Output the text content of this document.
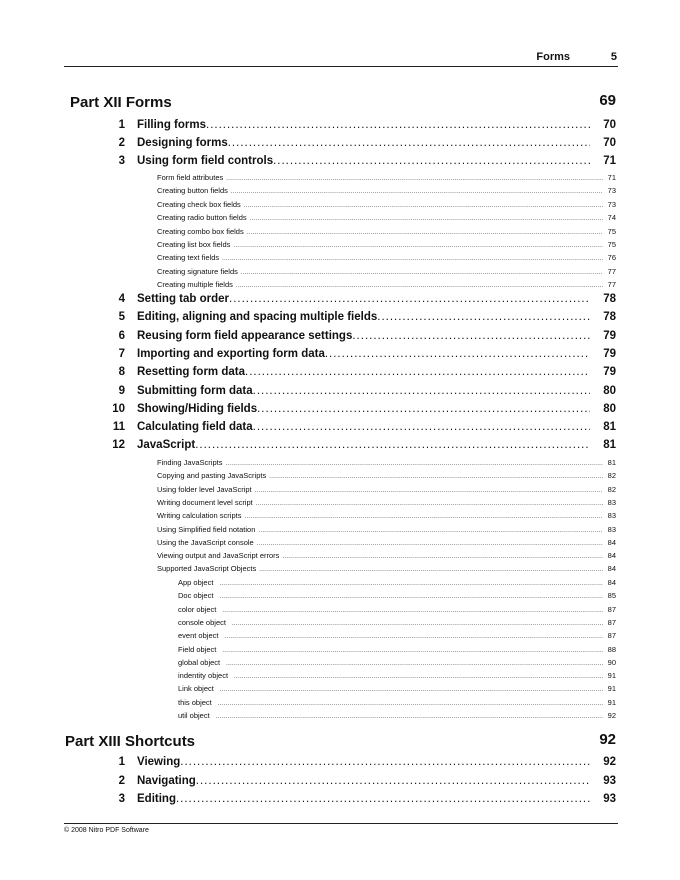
Forms	5
Part XII Forms	69
1 Filling forms .....	70
2 Designing forms .....	70
3 Using form field controls .....	71
Form field attributes .....	71
Creating button fields .....	73
Creating check box fields .....	73
Creating radio button fields .....	74
Creating combo box fields .....	75
Creating list box fields .....	75
Creating text fields .....	76
Creating signature fields .....	77
Creating multiple fields .....	77
4 Setting tab order .....	78
5 Editing, aligning and spacing multiple fields .....	78
6 Reusing form field appearance settings .....	79
7 Importing and exporting form data .....	79
8 Resetting form data .....	79
9 Submitting form data .....	80
10 Showing/Hiding fields .....	80
11 Calculating field data .....	81
12 JavaScript .....	81
Finding JavaScripts .....	81
Copying and pasting JavaScripts .....	82
Using folder level JavaScript .....	82
Writing document level script .....	83
Writing calculation scripts .....	83
Using Simplified field notation .....	83
Using the JavaScript console .....	84
Viewing output and JavaScript errors .....	84
Supported JavaScript Objects .....	84
App object .....	84
Doc object .....	85
color object .....	87
console object .....	87
event object .....	87
Field object .....	88
global object .....	90
indentity object .....	91
Link object .....	91
this object .....	91
util object .....	92
Part XIII Shortcuts	92
1 Viewing .....	92
2 Navigating .....	93
3 Editing .....	93
© 2008 Nitro PDF Software
